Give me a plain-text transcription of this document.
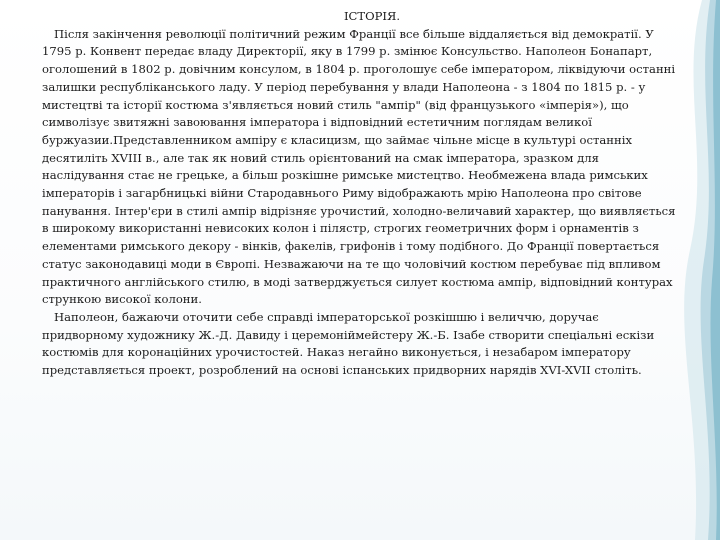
ІСТОРІЯ.

Після закінчення революції політичний режим Франції все більше віддаляється від демократії. У 1795 р. Конвент передає владу Директорії, яку в 1799 р. змінює Консульство. Наполеон Бонапарт, оголошений в 1802 р. довічним консулом, в 1804 р. проголошує себе імператором, ліквідуючи останні залишки республіканського ладу. У період перебування у влади Наполеона - з 1804 по 1815 р. - у мистецтві та історії костюма з'являється новий стиль "ампір" (від французького «імперія»), що символізує звитяжні завоювання імператора і відповідний естетичним поглядам великої буржуазии.Представленником ампіру є класицизм, що займає чільне місце в культурі останніх десятиліть XVIII в., але так як новий стиль орієнтований на смак імператора, зразком для наслідування стає не грецьке, а більш розкішне римське мистецтво. Необмежена влада римських імператорів і загарбницькі війни Стародавнього Риму відображають мрію Наполеона про світове панування. Інтер'єри в стилі ампір відрізняє урочистий, холодно-величавий характер, що виявляється в широкому використанні невисоких колон і пілястр, строгих геометричних форм і орнаментів з елементами римського декору - вінків, факелів, грифонів і тому подібного. До Франції повертається статус законодавиці моди в Європі. Незважаючи на те що чоловічий костюм перебуває під впливом практичного англійського стилю, в моді затверджується силует костюма ампір, відповідний контурах стрункою високої колони.

Наполеон, бажаючи оточити себе справді імператорської розкішшю і величчю, доручає придворному художнику Ж.-Д. Давиду і церемоніймейстеру Ж.-Б. Ізабе створити спеціальні ескізи костюмів для коронаційних урочистостей. Наказ негайно виконується, і незабаром імператору представляється проект, розроблений на основі іспанських придворних нарядів XVI-XVII століть.
